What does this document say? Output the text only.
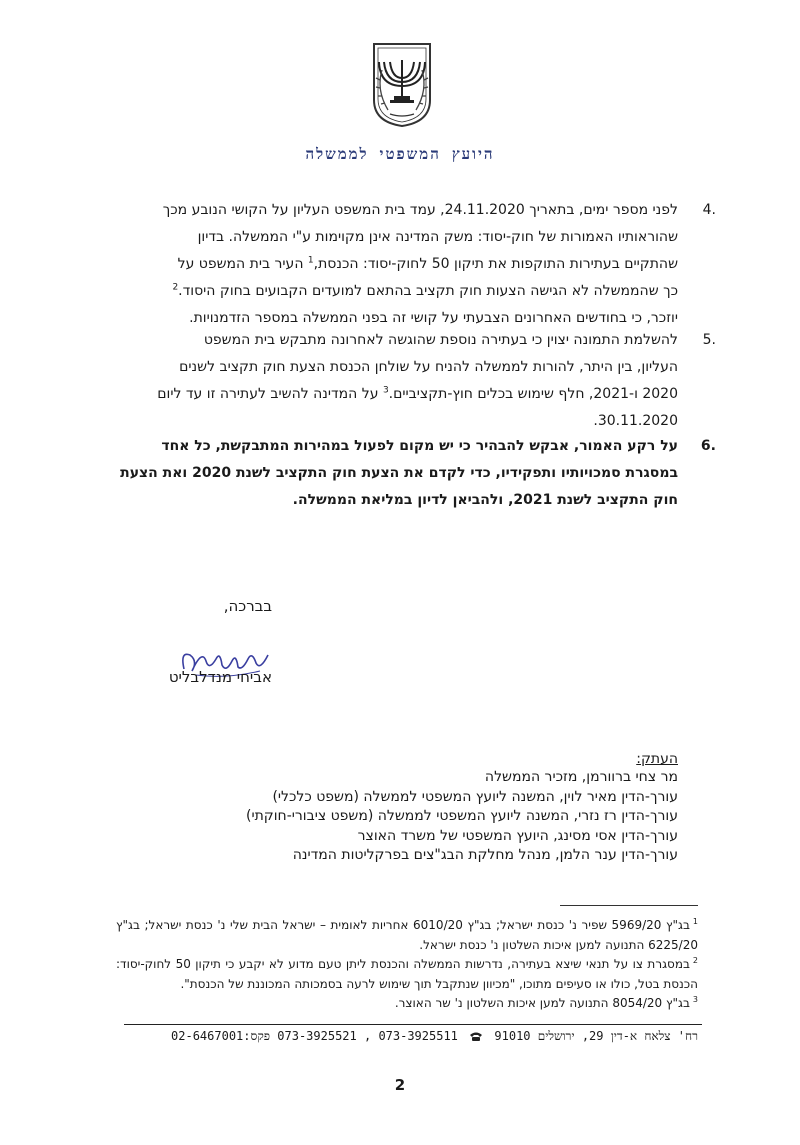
היועץ המשפטי לממשלה
.4
לפני מספר ימים, בתאריך 24.11.2020, עמד בית המשפט העליון על הקושי הנובע מכך
שהוראותיו האמורות של חוק-יסוד: משק המדינה אינן מקוימות ע"י הממשלה. בדיון
שהתקיים בעתירות התוקפות את תיקון 50 לחוק-יסוד: הכנסת,$^1$ העיר בית המשפט על
כך שהממשלה לא הגישה הצעות חוק תקציב בהתאם למועדים הקבועים בחוק היסוד.$^2$
יוזכר, כי בחודשים האחרונים הצבעתי על קושי זה בפני הממשלה במספר הזדמנויות.
.5
להשלמת התמונה יצוין כי בעתירה נוספת שהוגשה לאחרונה מתבקש בית המשפט
העליון, בין היתר, להורות לממשלה להניח על שולחן הכנסת הצעת חוק תקציב לשנים
2020 ו-2021, חלף שימוש בכלים חוץ-תקציביים.$^3$ על המדינה להשיב לעתירה זו עד ליום
30.11.2020.
.6
על רקע האמור, אבקש להבהיר כי יש מקום לפעול במהירות המתבקשת, כל אחד
במסגרת סמכויותיו ותפקידיו, כדי לקדם את הצעת חוק התקציב לשנת 2020 ואת הצעת
חוק התקציב לשנת 2021, ולהביאן לדיון במליאת הממשלה.
בברכה,
אביחי מנדלבליט
העתק:
מר צחי ברוורמן, מזכיר הממשלה
עורך-הדין מאיר לוין, המשנה ליועץ המשפטי לממשלה (משפט כלכלי)
עורך-הדין רז נזרי, המשנה ליועץ המשפטי לממשלה (משפט ציבורי-חוקתי)
עורך-הדין אסי מסינג, היועץ המשפטי של משרד האוצר
עורך-הדין ענר הלמן, מנהל מחלקת הבג"צים בפרקליטות המדינה

$^1$בג"ץ 5969/20 שפיר נ' כנסת ישראל; בג"ץ 6010/20 אחריות לאומית – ישראל הבית שלי נ' כנסת ישראל; בג"ץ 6225/20 התנועה למען איכות השלטון נ' כנסת ישראל.

$^2$במסגרת צו על תנאי שיצא בעתירה, נדרשות הממשלה והכנסת ליתן טעם מדוע לא יקבע כי תיקון 50 לחוק-יסוד: הכנסת בטל, כולו או סעיפים מתוכו, "מכיוון שנתקבל תוך שימוש לרעה בסמכותה המכוננת של הכנסת".

$^3$בג"ץ 8054/20 התנועה למען איכות השלטון נ' שר האוצר.

רח' צלאח א-דין 29, ירושלים 91010  073-3925511 , 073-3925521 פקס:02-6467001
2
